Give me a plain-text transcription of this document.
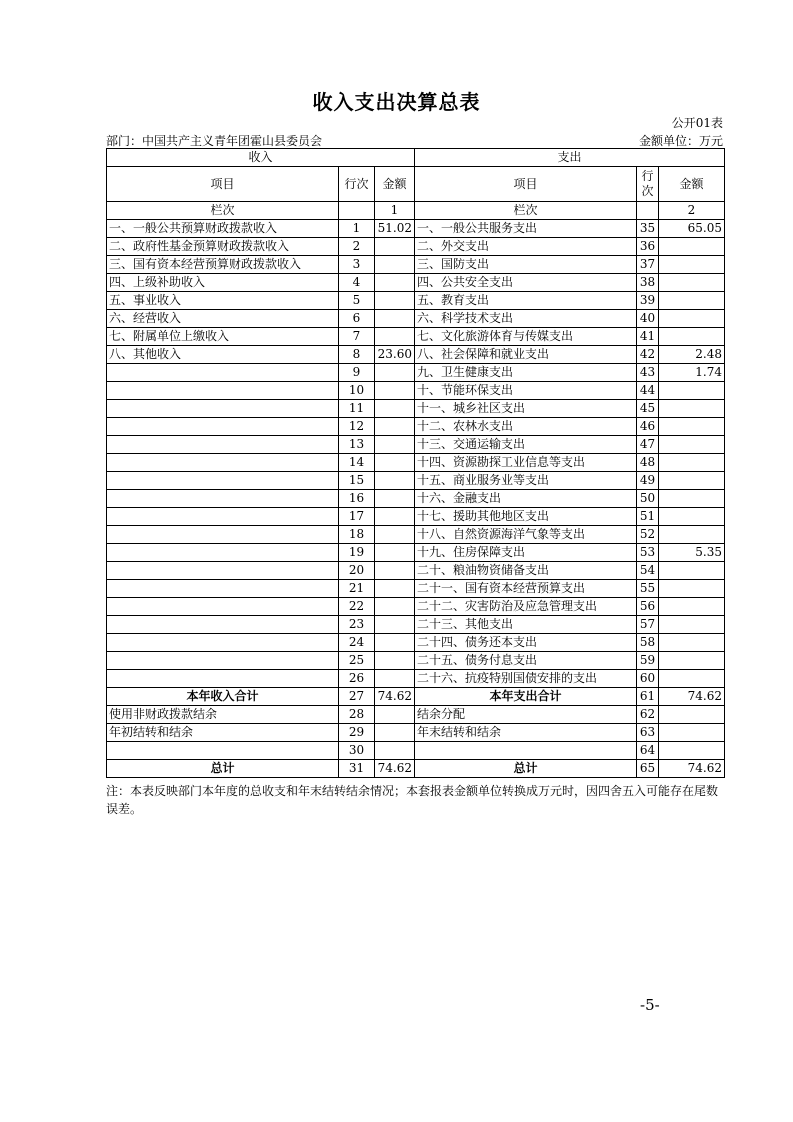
收入支出决算总表
公开01表
部门：中国共产主义青年团霍山县委员会	金额单位：万元
收入			支出		
项目	行次	金额	项目	行次	金额
栏次		1	栏次		2
一、一般公共预算财政拨款收入	1	51.02	一、一般公共服务支出	35	65.05
二、政府性基金预算财政拨款收入	2		二、外交支出	36	
三、国有资本经营预算财政拨款收入	3		三、国防支出	37	
四、上级补助收入	4		四、公共安全支出	38	
五、事业收入	5		五、教育支出	39	
六、经营收入	6		六、科学技术支出	40	
七、附属单位上缴收入	7		七、文化旅游体育与传媒支出	41	
八、其他收入	8	23.60	八、社会保障和就业支出	42	2.48
	9		九、卫生健康支出	43	1.74
	10		十、节能环保支出	44	
	11		十一、城乡社区支出	45	
	12		十二、农林水支出	46	
	13		十三、交通运输支出	47	
	14		十四、资源勘探工业信息等支出	48	
	15		十五、商业服务业等支出	49	
	16		十六、金融支出	50	
	17		十七、援助其他地区支出	51	
	18		十八、自然资源海洋气象等支出	52	
	19		十九、住房保障支出	53	5.35
	20		二十、粮油物资储备支出	54	
	21		二十一、国有资本经营预算支出	55	
	22		二十二、灾害防治及应急管理支出	56	
	23		二十三、其他支出	57	
	24		二十四、债务还本支出	58	
	25		二十五、债务付息支出	59	
	26		二十六、抗疫特别国债安排的支出	60	
本年收入合计	27	74.62	本年支出合计	61	74.62
使用非财政拨款结余	28		结余分配	62	
年初结转和结余	29		年末结转和结余	63	
	30			64	
总计	31	74.62	总计	65	74.62
注：本表反映部门本年度的总收支和年末结转结余情况；本套报表金额单位转换成万元时，因四舍五入可能存在尾数误差。
-5-
